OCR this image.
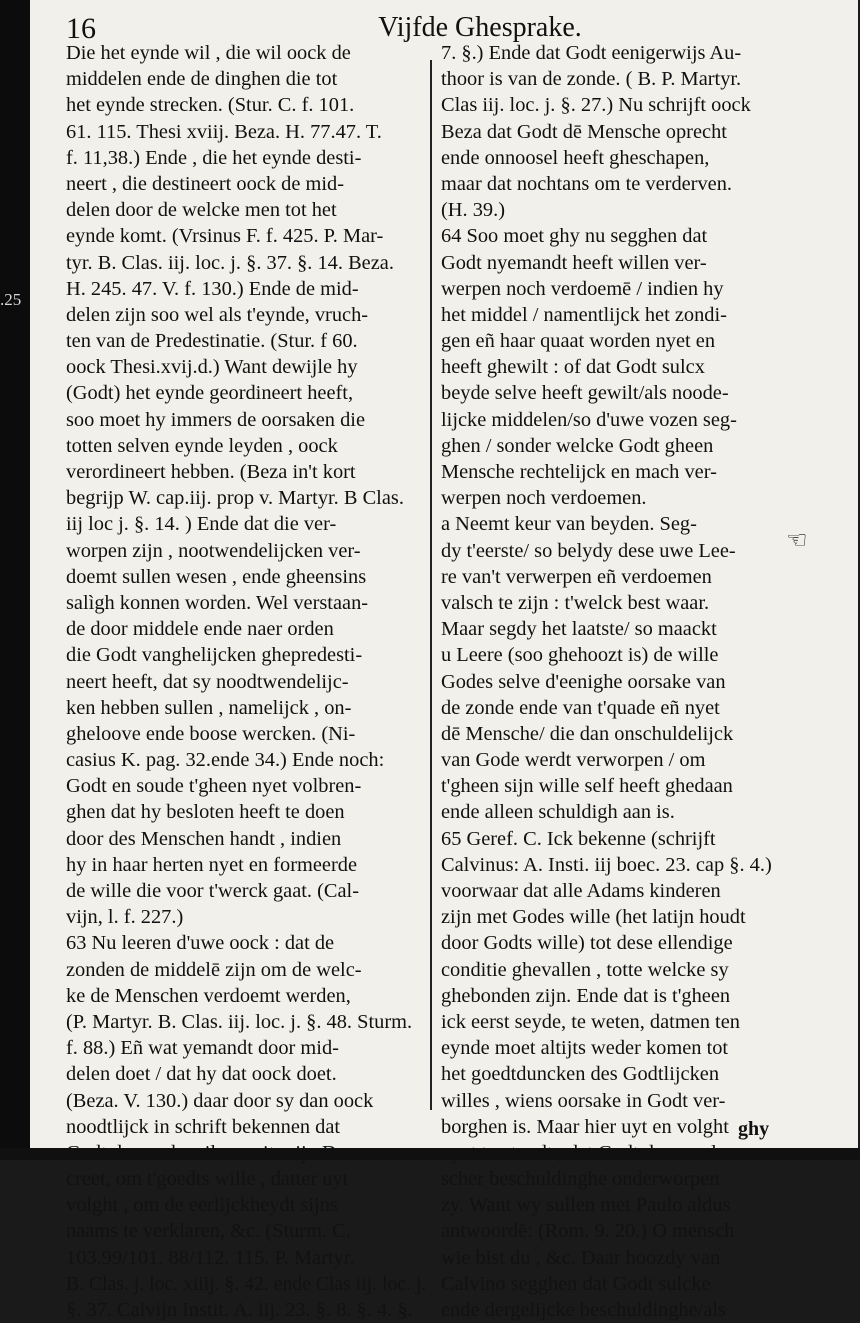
.25
16	Vijfde Ghesprake.
Die het eynde wil , die wil oock de
middelen ende de dinghen die tot
het eynde strecken. (Stur. C. f. 101.
61. 115. Thesi xviij. Beza. H. 77.47. T.
f. 11,38.) Ende , die het eynde desti-
neert , die destineert oock de mid-
delen door de welcke men tot het
eynde komt. (Vrsinus F. f. 425. P. Mar-
tyr. B. Clas. iij. loc. j. §. 37. §. 14. Beza.
H. 245. 47. V. f. 130.) Ende de mid-
delen zijn soo wel als t'eynde, vruch-
ten van de Predestinatie. (Stur. f 60.
oock Thesi.xvij.d.) Want dewijle hy
(Godt) het eynde geordineert heeft,
soo moet hy immers de oorsaken die
totten selven eynde leyden , oock
verordineert hebben. (Beza in't kort
begrijp W. cap.iij. prop v. Martyr. B Clas.
iij loc j. §. 14. ) Ende dat die ver-
worpen zijn , nootwendelijcken ver-
doemt sullen wesen , ende gheensins
salìgh konnen worden. Wel verstaan-
de door middele ende naer orden
die Godt vanghelijcken ghepredesti-
neert heeft, dat sy noodtwendelijc-
ken hebben sullen , namelijck , on-
gheloove ende boose wercken. (Ni-
casius K. pag. 32.ende 34.) Ende noch:
Godt en soude t'gheen nyet volbren-
ghen dat hy besloten heeft te doen
door des Menschen handt , indien
hy in haar herten nyet en formeerde
de wille die voor t'werck gaat. (Cal-
vijn, l. f. 227.)
63 Nu leeren d'uwe oock : dat de
zonden de middelē zijn om de welc-
ke de Menschen verdoemt werden,
(P. Martyr. B. Clas. iij. loc. j. §. 48. Sturm.
f. 88.) Eñ wat yemandt door mid-
delen doet / dat hy dat oock doet.
(Beza. V. 130.) daar door sy dan oock
noodtlijck in schrift bekennen dat
creet, om t'goedts wille , datter uyt
volght , om de eerlijckheydt sijns
naams te verklaren, &c. (Sturm. C.
103.99/101. 88/112. 115. P. Martyr.
B. Clas. j. loc. xiiij. §. 42. ende Clas iij. loc. j.
§. 37. Calvijn Instit. A. iij. 23. §. 8. §. 4. §.
7. §.) Ende dat Godt eenigerwijs Au-
thoor is van de zonde. ( B. P. Martyr.
Clas iij. loc. j. §. 27.) Nu schrijft oock
Beza dat Godt dē Mensche oprecht
ende onnoosel heeft gheschapen,
maar dat nochtans om te verderven.
(H. 39.)
64 Soo moet ghy nu segghen dat
Godt nyemandt heeft willen ver-
werpen noch verdoemē / indien hy
het middel / namentlijck het zondi-
gen eñ haar quaat worden nyet en
heeft ghewilt : of dat Godt sulcx
beyde selve heeft gewilt/als noode-
lijcke middelen/so d'uwe vozen seg-
ghen / sonder welcke Godt gheen
Mensche rechtelijck en mach ver-
werpen noch verdoemen.
a Neemt keur van beyden. Seg-
dy t'eerste/ so belydy dese uwe Lee-
re van't verwerpen eñ verdoemen
valsch te zijn : t'welck best waar.
Maar segdy het laatste/ so maackt
u Leere (soo ghehoozt is) de wille
Godes selve d'eenighe oorsake van
de zonde ende van t'quade eñ nyet
dē Mensche/ die dan onschuldelijck
van Gode werdt verworpen / om
t'gheen sijn wille self heeft ghedaan
ende alleen schuldigh aan is.
65 Geref. C. Ick bekenne (schrijft
Calvinus: A. Insti. iij boec. 23. cap §. 4.)
voorwaar dat alle Adams kinderen
zijn met Godes wille (het latijn houdt
door Godts wille) tot dese ellendige
conditie ghevallen , totte welcke sy
ghebonden zijn. Ende dat is t'gheen
ick eerst seyde, te weten, datmen ten
eynde moet altijts weder komen tot
het goedtduncken des Godtlijcken
willes , wiens oorsake in Godt ver-
borghen is. Maar hier uyt en volght
scher beschuldinghe onderworpen
zy. Want wy sullen met Paulo aldus
antwoordē: (Rom. 9. 20.) O mensch
wie bist du , &c. Daar hoozdy van
Calvino segghen dat Godt sulcke
ende dergelijcke beschuldinghe/als
☜
ghy
